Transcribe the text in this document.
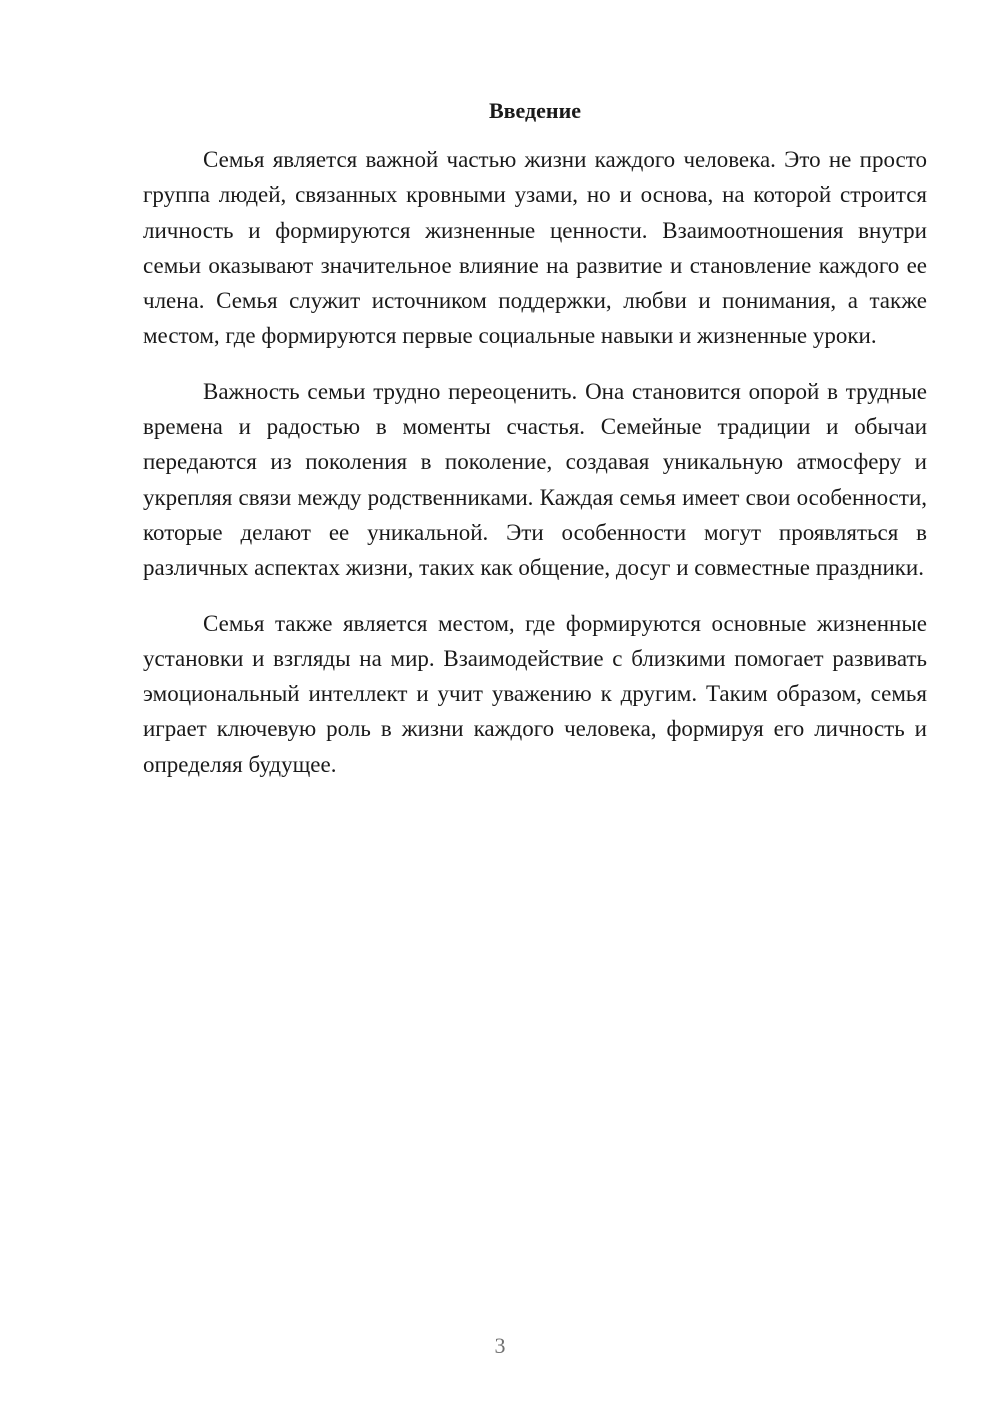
Введение

Семья является важной частью жизни каждого человека. Это не просто группа людей, связанных кровными узами, но и основа, на которой строится личность и формируются жизненные ценности. Взаимоотношения внутри семьи оказывают значительное влияние на развитие и становление каждого ее члена. Семья служит источником поддержки, любви и понимания, а также местом, где формируются первые социальные навыки и жизненные уроки.

Важность семьи трудно переоценить. Она становится опорой в трудные времена и радостью в моменты счастья. Семейные традиции и обычаи передаются из поколения в поколение, создавая уникальную атмосферу и укрепляя связи между родственниками. Каждая семья имеет свои особенности, которые делают ее уникальной. Эти особенности могут проявляться в различных аспектах жизни, таких как общение, досуг и совместные праздники.

Семья также является местом, где формируются основные жизненные установки и взгляды на мир. Взаимодействие с близкими помогает развивать эмоциональный интеллект и учит уважению к другим. Таким образом, семья играет ключевую роль в жизни каждого человека, формируя его личность и определяя будущее.

3
